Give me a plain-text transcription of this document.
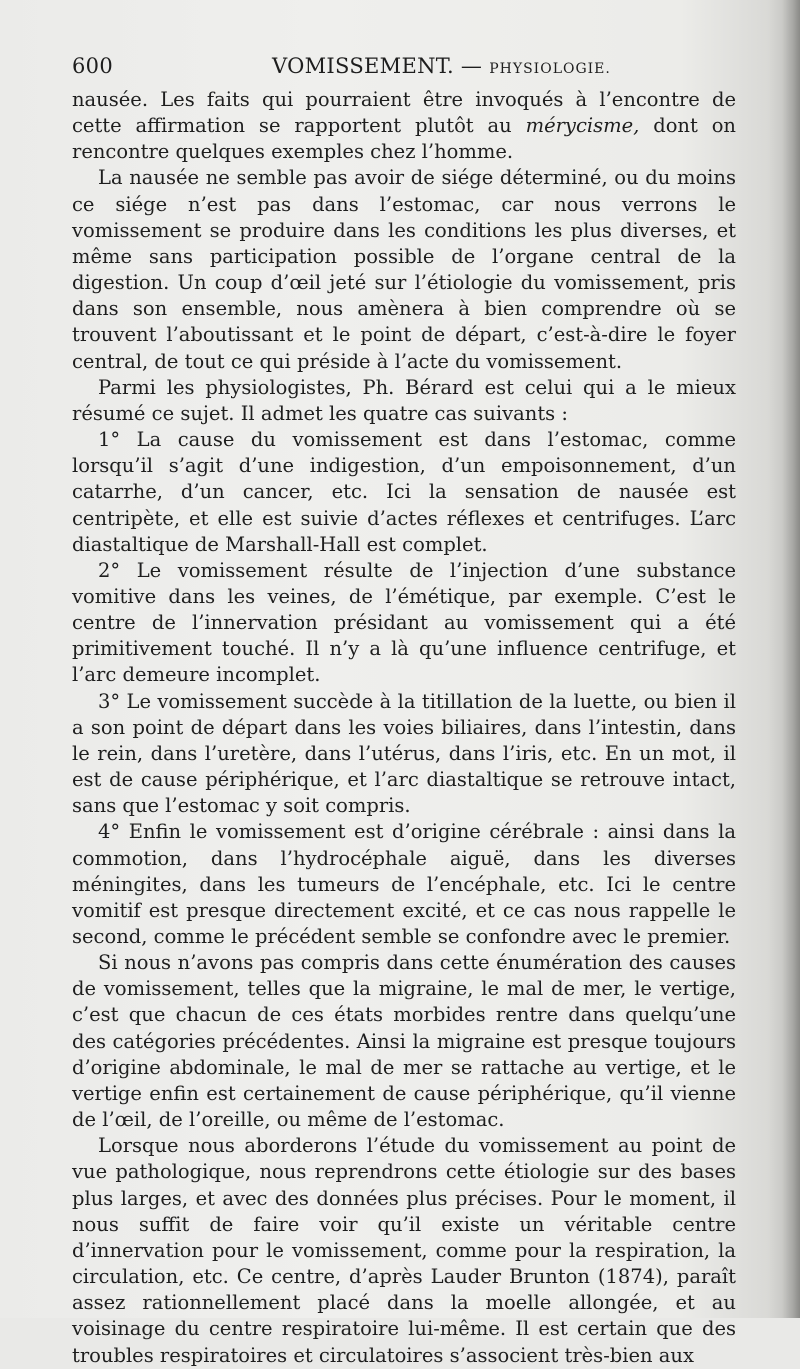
600	VOMISSEMENT. — PHYSIOLOGIE.

nausée. Les faits qui pourraient être invoqués à l’encontre de cette affirmation se rapportent plutôt au mérycisme, dont on rencontre quelques exemples chez l’homme.

La nausée ne semble pas avoir de siége déterminé, ou du moins ce siége n’est pas dans l’estomac, car nous verrons le vomissement se produire dans les conditions les plus diverses, et même sans participation possible de l’organe central de la digestion. Un coup d’œil jeté sur l’étiologie du vomissement, pris dans son ensemble, nous amènera à bien comprendre où se trouvent l’aboutissant et le point de départ, c’est-à-dire le foyer central, de tout ce qui préside à l’acte du vomissement.

Parmi les physiologistes, Ph. Bérard est celui qui a le mieux résumé ce sujet. Il admet les quatre cas suivants :

1° La cause du vomissement est dans l’estomac, comme lorsqu’il s’agit d’une indigestion, d’un empoisonnement, d’un catarrhe, d’un cancer, etc. Ici la sensation de nausée est centripète, et elle est suivie d’actes réflexes et centrifuges. L’arc diastaltique de Marshall-Hall est complet.

2° Le vomissement résulte de l’injection d’une substance vomitive dans les veines, de l’émétique, par exemple. C’est le centre de l’innervation présidant au vomissement qui a été primitivement touché. Il n’y a là qu’une influence centrifuge, et l’arc demeure incomplet.

3° Le vomissement succède à la titillation de la luette, ou bien il a son point de départ dans les voies biliaires, dans l’intestin, dans le rein, dans l’uretère, dans l’utérus, dans l’iris, etc. En un mot, il est de cause périphérique, et l’arc diastaltique se retrouve intact, sans que l’estomac y soit compris.

4° Enfin le vomissement est d’origine cérébrale : ainsi dans la commotion, dans l’hydrocéphale aiguë, dans les diverses méningites, dans les tumeurs de l’encéphale, etc. Ici le centre vomitif est presque directement excité, et ce cas nous rappelle le second, comme le précédent semble se confondre avec le premier.

Si nous n’avons pas compris dans cette énumération des causes de vomissement, telles que la migraine, le mal de mer, le vertige, c’est que chacun de ces états morbides rentre dans quelqu’une des catégories précédentes. Ainsi la migraine est presque toujours d’origine abdominale, le mal de mer se rattache au vertige, et le vertige enfin est certainement de cause périphérique, qu’il vienne de l’œil, de l’oreille, ou même de l’estomac.

Lorsque nous aborderons l’étude du vomissement au point de vue pathologique, nous reprendrons cette étiologie sur des bases plus larges, et avec des données plus précises. Pour le moment, il nous suffit de faire voir qu’il existe un véritable centre d’innervation pour le vomissement, comme pour la respiration, la circulation, etc. Ce centre, d’après Lauder Brunton (1874), paraît assez rationnellement placé dans la moelle allongée, et au voisinage du centre respiratoire lui-même. Il est certain que des troubles respiratoires et circulatoires s’associent très-bien aux
